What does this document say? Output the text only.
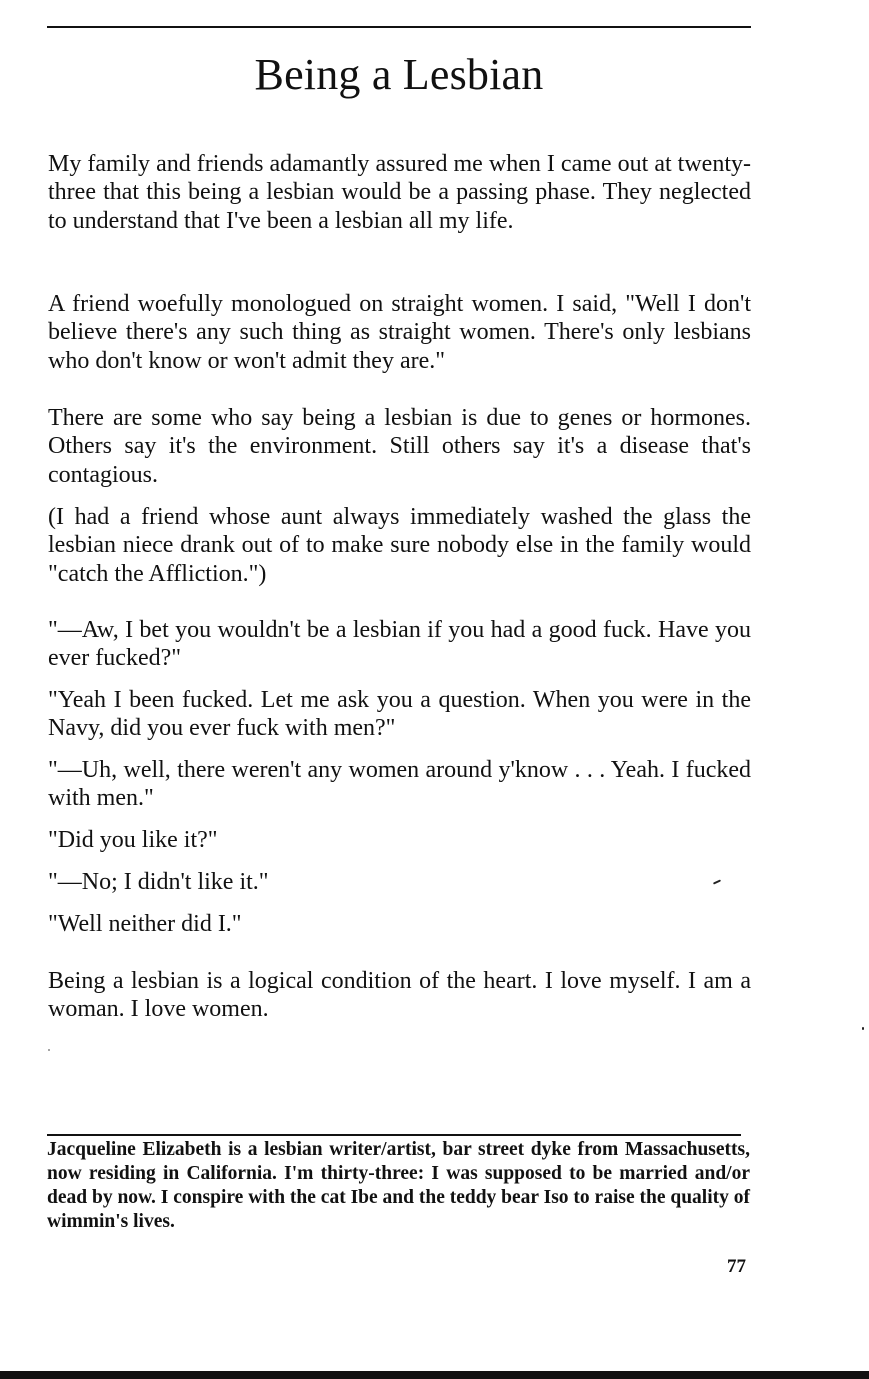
Being a Lesbian

My family and friends adamantly assured me when I came out at twenty-three that this being a lesbian would be a passing phase. They neglected to understand that I've been a lesbian all my life.

A friend woefully monologued on straight women. I said, "Well I don't believe there's any such thing as straight women. There's only lesbians who don't know or won't admit they are."

There are some who say being a lesbian is due to genes or hormones. Others say it's the environment. Still others say it's a disease that's contagious.

(I had a friend whose aunt always immediately washed the glass the lesbian niece drank out of to make sure nobody else in the family would "catch the Affliction.")

"—Aw, I bet you wouldn't be a lesbian if you had a good fuck. Have you ever fucked?"

"Yeah I been fucked. Let me ask you a question. When you were in the Navy, did you ever fuck with men?"

"—Uh, well, there weren't any women around y'know . . . Yeah. I fucked with men."

"Did you like it?"

"—No; I didn't like it."

"Well neither did I."

Being a lesbian is a logical condition of the heart. I love myself. I am a woman. I love women.

Jacqueline Elizabeth is a lesbian writer/artist, bar street dyke from Massachusetts, now residing in California. I'm thirty-three: I was supposed to be married and/or dead by now. I conspire with the cat Ibe and the teddy bear Iso to raise the quality of wimmin's lives.
77
